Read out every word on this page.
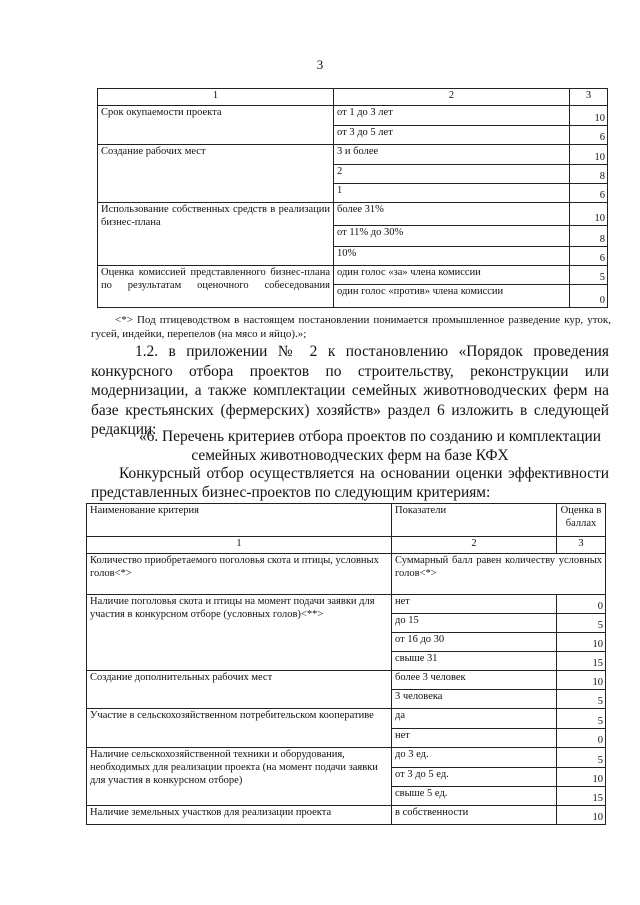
3
1	2	3
Срок окупаемости проекта	от 1 до 3 лет	10
	от 3 до 5 лет	6
Создание рабочих мест	3 и более	10
	2	8
	1	6
Использование собственных средств в реализации бизнес-плана	более 31%	10
	от 11% до 30%	8
	10%	6
Оценка комиссией представленного бизнес-плана по результатам оценочного собеседования	один голос «за» члена комиссии	5
	один голос «против» члена комиссии	0
<*> Под птицеводством в настоящем постановлении понимается промышленное разведение кур, уток, гусей, индейки, перепелов (на мясо и яйцо).»;
1.2. в приложении № 2 к постановлению «Порядок проведения конкурсного отбора проектов по строительству, реконструкции или модернизации, а также комплектации семейных животноводческих ферм на базе крестьянских (фермерских) хозяйств» раздел 6 изложить в следующей редакции:
«6. Перечень критериев отбора проектов по созданию и комплектации семейных животноводческих ферм на базе КФХ
Конкурсный отбор осуществляется на основании оценки эффективности представленных бизнес-проектов по следующим критериям:
Наименование критерия	Показатели	Оценка в баллах
1	2	3
Количество приобретаемого поголовья скота и птицы, условных голов<*>	Суммарный балл равен количеству условных голов<*>	
Наличие поголовья скота и птицы на момент подачи заявки для участия в конкурсном отборе (условных голов)<**>	нет	0
	до 15	5
	от 16 до 30	10
	свыше 31	15
Создание дополнительных рабочих мест	более 3 человек	10
	3 человека	5
Участие в сельскохозяйственном потребительском кооперативе	да	5
	нет	0
Наличие сельскохозяйственной техники и оборудования, необходимых для реализации проекта (на момент подачи заявки для участия в конкурсном отборе)	до 3 ед.	5
	от 3 до 5 ед.	10
	свыше 5 ед.	15
Наличие земельных участков для реализации проекта	в собственности	10
